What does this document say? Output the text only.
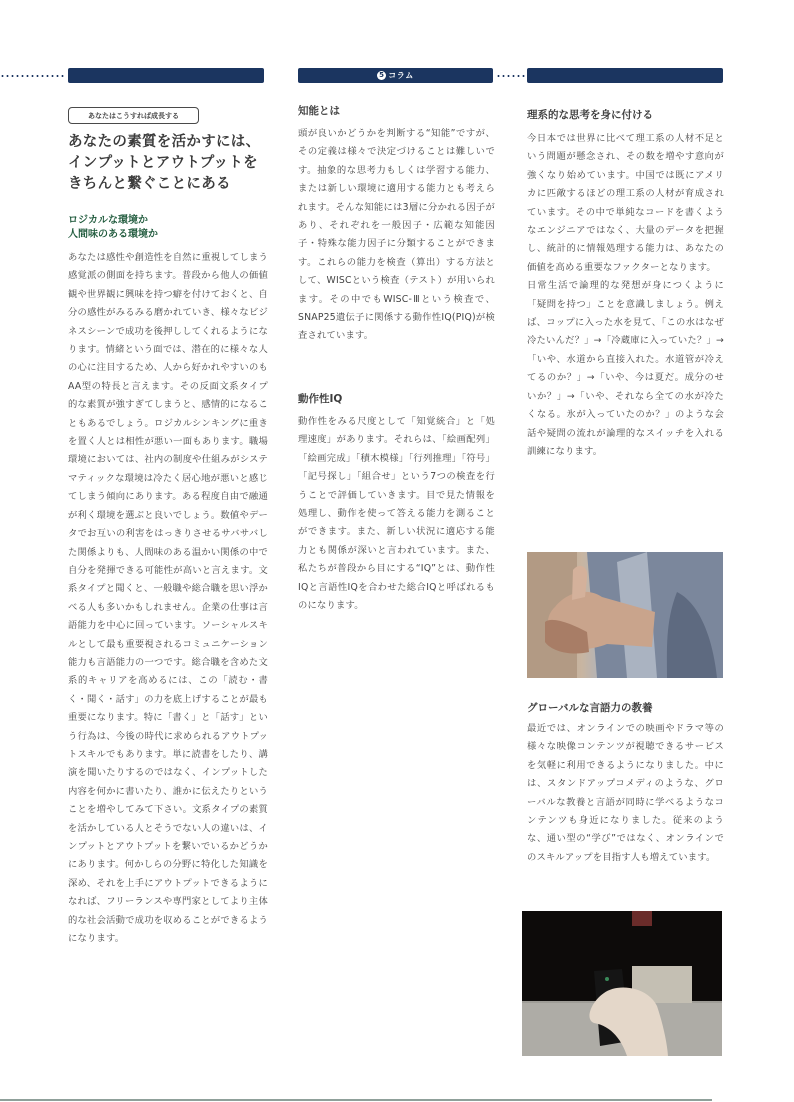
5 コラム
あなたはこうすれば成長する
あなたの素質を活かすには、
インプットとアウトプットを
きちんと繋ぐことにある
ロジカルな環境か
人間味のある環境か

あなたは感性や創造性を自然に重視してしまう感覚派の側面を持ちます。普段から他人の価値観や世界観に興味を持つ癖を付けておくと、自分の感性がみるみる磨かれていき、様々なビジネスシーンで成功を後押ししてくれるようになります。情緒という面では、潜在的に様々な人の心に注目するため、人から好かれやすいのもAA型の特長と言えます。その反面文系タイプ的な素質が強すぎてしまうと、感情的になることもあるでしょう。ロジカルシンキングに重きを置く人とは相性が悪い一面もあります。職場環境においては、社内の制度や仕組みがシステマティックな環境は冷たく居心地が悪いと感じてしまう傾向にあります。ある程度自由で融通が利く環境を選ぶと良いでしょう。数値やデータでお互いの利害をはっきりさせるサバサバした関係よりも、人間味のある温かい関係の中で自分を発揮できる可能性が高いと言えます。文系タイプと聞くと、一般職や総合職を思い浮かべる人も多いかもしれません。企業の仕事は言語能力を中心に回っています。ソーシャルスキルとして最も重要視されるコミュニケーション能力も言語能力の一つです。総合職を含めた文系的キャリアを高めるには、この「読む・書く・聞く・話す」の力を底上げすることが最も重要になります。特に「書く」と「話す」という行為は、今後の時代に求められるアウトプットスキルでもあります。単に読書をしたり、講演を聞いたりするのではなく、インプットした内容を何かに書いたり、誰かに伝えたりということを増やしてみて下さい。文系タイプの素質を活かしている人とそうでない人の違いは、インプットとアウトプットを繋いでいるかどうかにあります。何かしらの分野に特化した知識を深め、それを上手にアウトプットできるようになれば、フリーランスや専門家としてより主体的な社会活動で成功を収めることができるようになります。

知能とは

頭が良いかどうかを判断する“知能”ですが、その定義は様々で決定づけることは難しいです。抽象的な思考力もしくは学習する能力、または新しい環境に適用する能力とも考えられます。そんな知能には3層に分かれる因子があり、それぞれを一般因子・広範な知能因子・特殊な能力因子に分類することができます。これらの能力を検査（算出）する方法として、WISCという検査（テスト）が用いられます。その中でもWISC-Ⅲという検査で、SNAP25遺伝子に関係する動作性IQ(PIQ)が検査されています。

動作性IQ

動作性をみる尺度として「知覚統合」と「処理速度」があります。それらは、「絵画配列」「絵画完成」「積木模様」「行列推理」「符号」「記号探し」「組合せ」という7つの検査を行うことで評価していきます。目で見た情報を処理し、動作を使って答える能力を測ることができます。また、新しい状況に適応する能力とも関係が深いと言われています。また、私たちが普段から目にする“IQ”とは、動作性IQと言語性IQを合わせた総合IQと呼ばれるものになります。

理系的な思考を身に付ける

今日本では世界に比べて理工系の人材不足という問題が懸念され、その数を増やす意向が強くなり始めています。中国では既にアメリカに匹敵するほどの理工系の人材が育成されています。その中で単純なコードを書くようなエンジニアではなく、大量のデータを把握し、統計的に情報処理する能力は、あなたの価値を高める重要なファクターとなります。

日常生活で論理的な発想が身につくように「疑問を持つ」ことを意識しましょう。例えば、コップに入った水を見て、「この水はなぜ冷たいんだ？」→「冷蔵庫に入っていた？」→「いや、水道から直接入れた。水道管が冷えてるのか？」→「いや、今は夏だ。成分のせいか？」→「いや、それなら全ての水が冷たくなる。氷が入っていたのか？」のような会話や疑問の流れが論理的なスイッチを入れる訓練になります。

グローバルな言語力の教養

最近では、オンラインでの映画やドラマ等の様々な映像コンテンツが視聴できるサービスを気軽に利用できるようになりました。中には、スタンドアップコメディのような、グローバルな教養と言語が同時に学べるようなコンテンツも身近になりました。従来のような、通い型の“学び”ではなく、オンラインでのスキルアップを目指す人も増えています。
